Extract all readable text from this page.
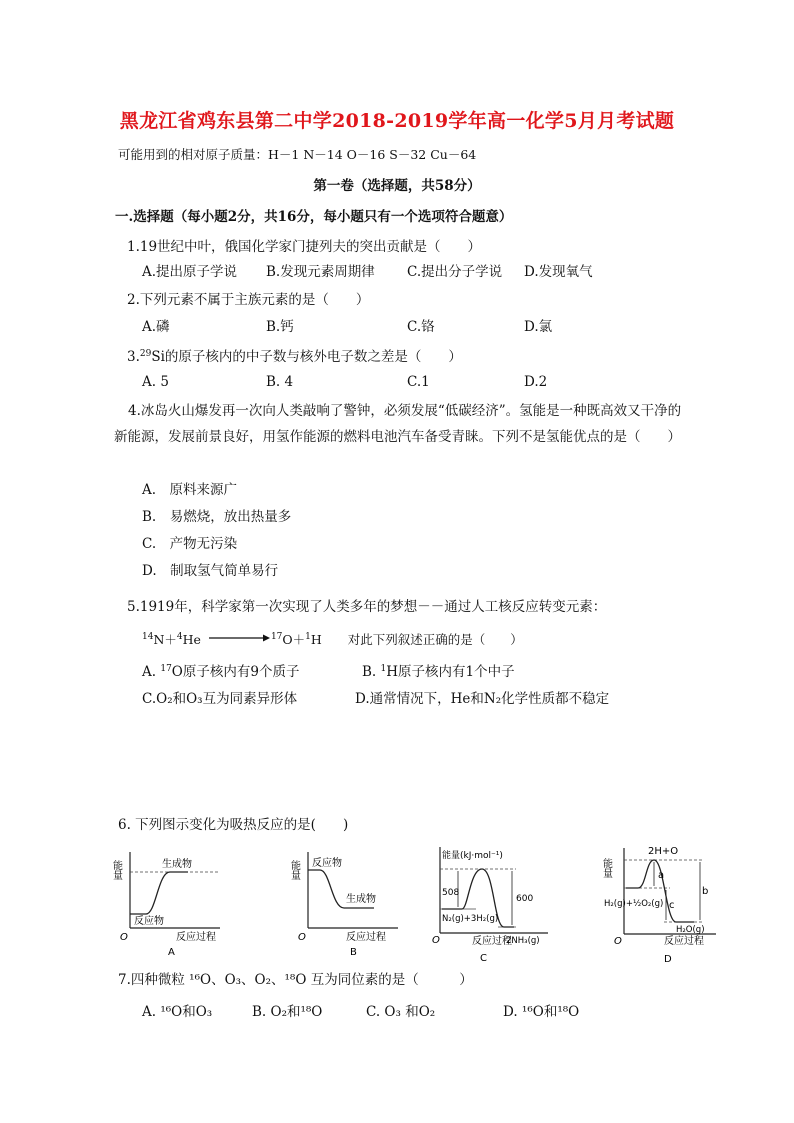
黑龙江省鸡东县第二中学2018-2019学年高一化学5月月考试题
可能用到的相对原子质量：H－1 N－14 O－16 S－32 Cu－64
第一卷（选择题，共58分）
一.选择题（每小题2分，共16分，每小题只有一个选项符合题意）
1.19世纪中叶，俄国化学家门捷列夫的突出贡献是（　　）
A.提出原子学说 B.发现元素周期律 C.提出分子学说 D.发现氧气
2.下列元素不属于主族元素的是（　　）
A.磷	B.钙	C.铬	D.氯
3.29Si的原子核内的中子数与核外电子数之差是（　　）
A. 5	B. 4	C.1	D.2
4.冰岛火山爆发再一次向人类敲响了警钟，必须发展“低碳经济”。氢能是一种既高效又干净的新能源，发展前景良好，用氢作能源的燃料电池汽车备受青睐。下列不是氢能优点的是（　　）
A.　原料来源广
B.　易燃烧，放出热量多
C.　产物无污染
D.　制取氢气简单易行
5.1919年，科学家第一次实现了人类多年的梦想－－通过人工核反应转变元素：
$^{14}$N＋$^4$He	$^{17}$O＋$^1$H 对此下列叙述正确的是（　　）
A. $^{17}$O原子核内有9个质子	B. $^1$H原子核内有1个中子
C.O₂和O₃互为同素异形体	D.通常情况下，He和N₂化学性质都不稳定
6. 下列图示变化为吸热反应的是(　　)
能量	生成物
反应物
O	反应过程
A
能量 反应物
生成物
O	反应过程
B
能量(kJ·mol⁻¹)
508
600
N₂(g)+3H₂(g)
2NH₃(g)
O	反应过程
C
能量
2H+O
a
b
c
H₂(g)+½O₂(g)
H₂O(g)
O	反应过程
D
7.四种微粒 ¹⁶O、O₃、O₂、¹⁸O 互为同位素的是（　　　）
A. ¹⁶O和O₃	B. O₂和¹⁸O	C. O₃ 和O₂	D. ¹⁶O和¹⁸O
